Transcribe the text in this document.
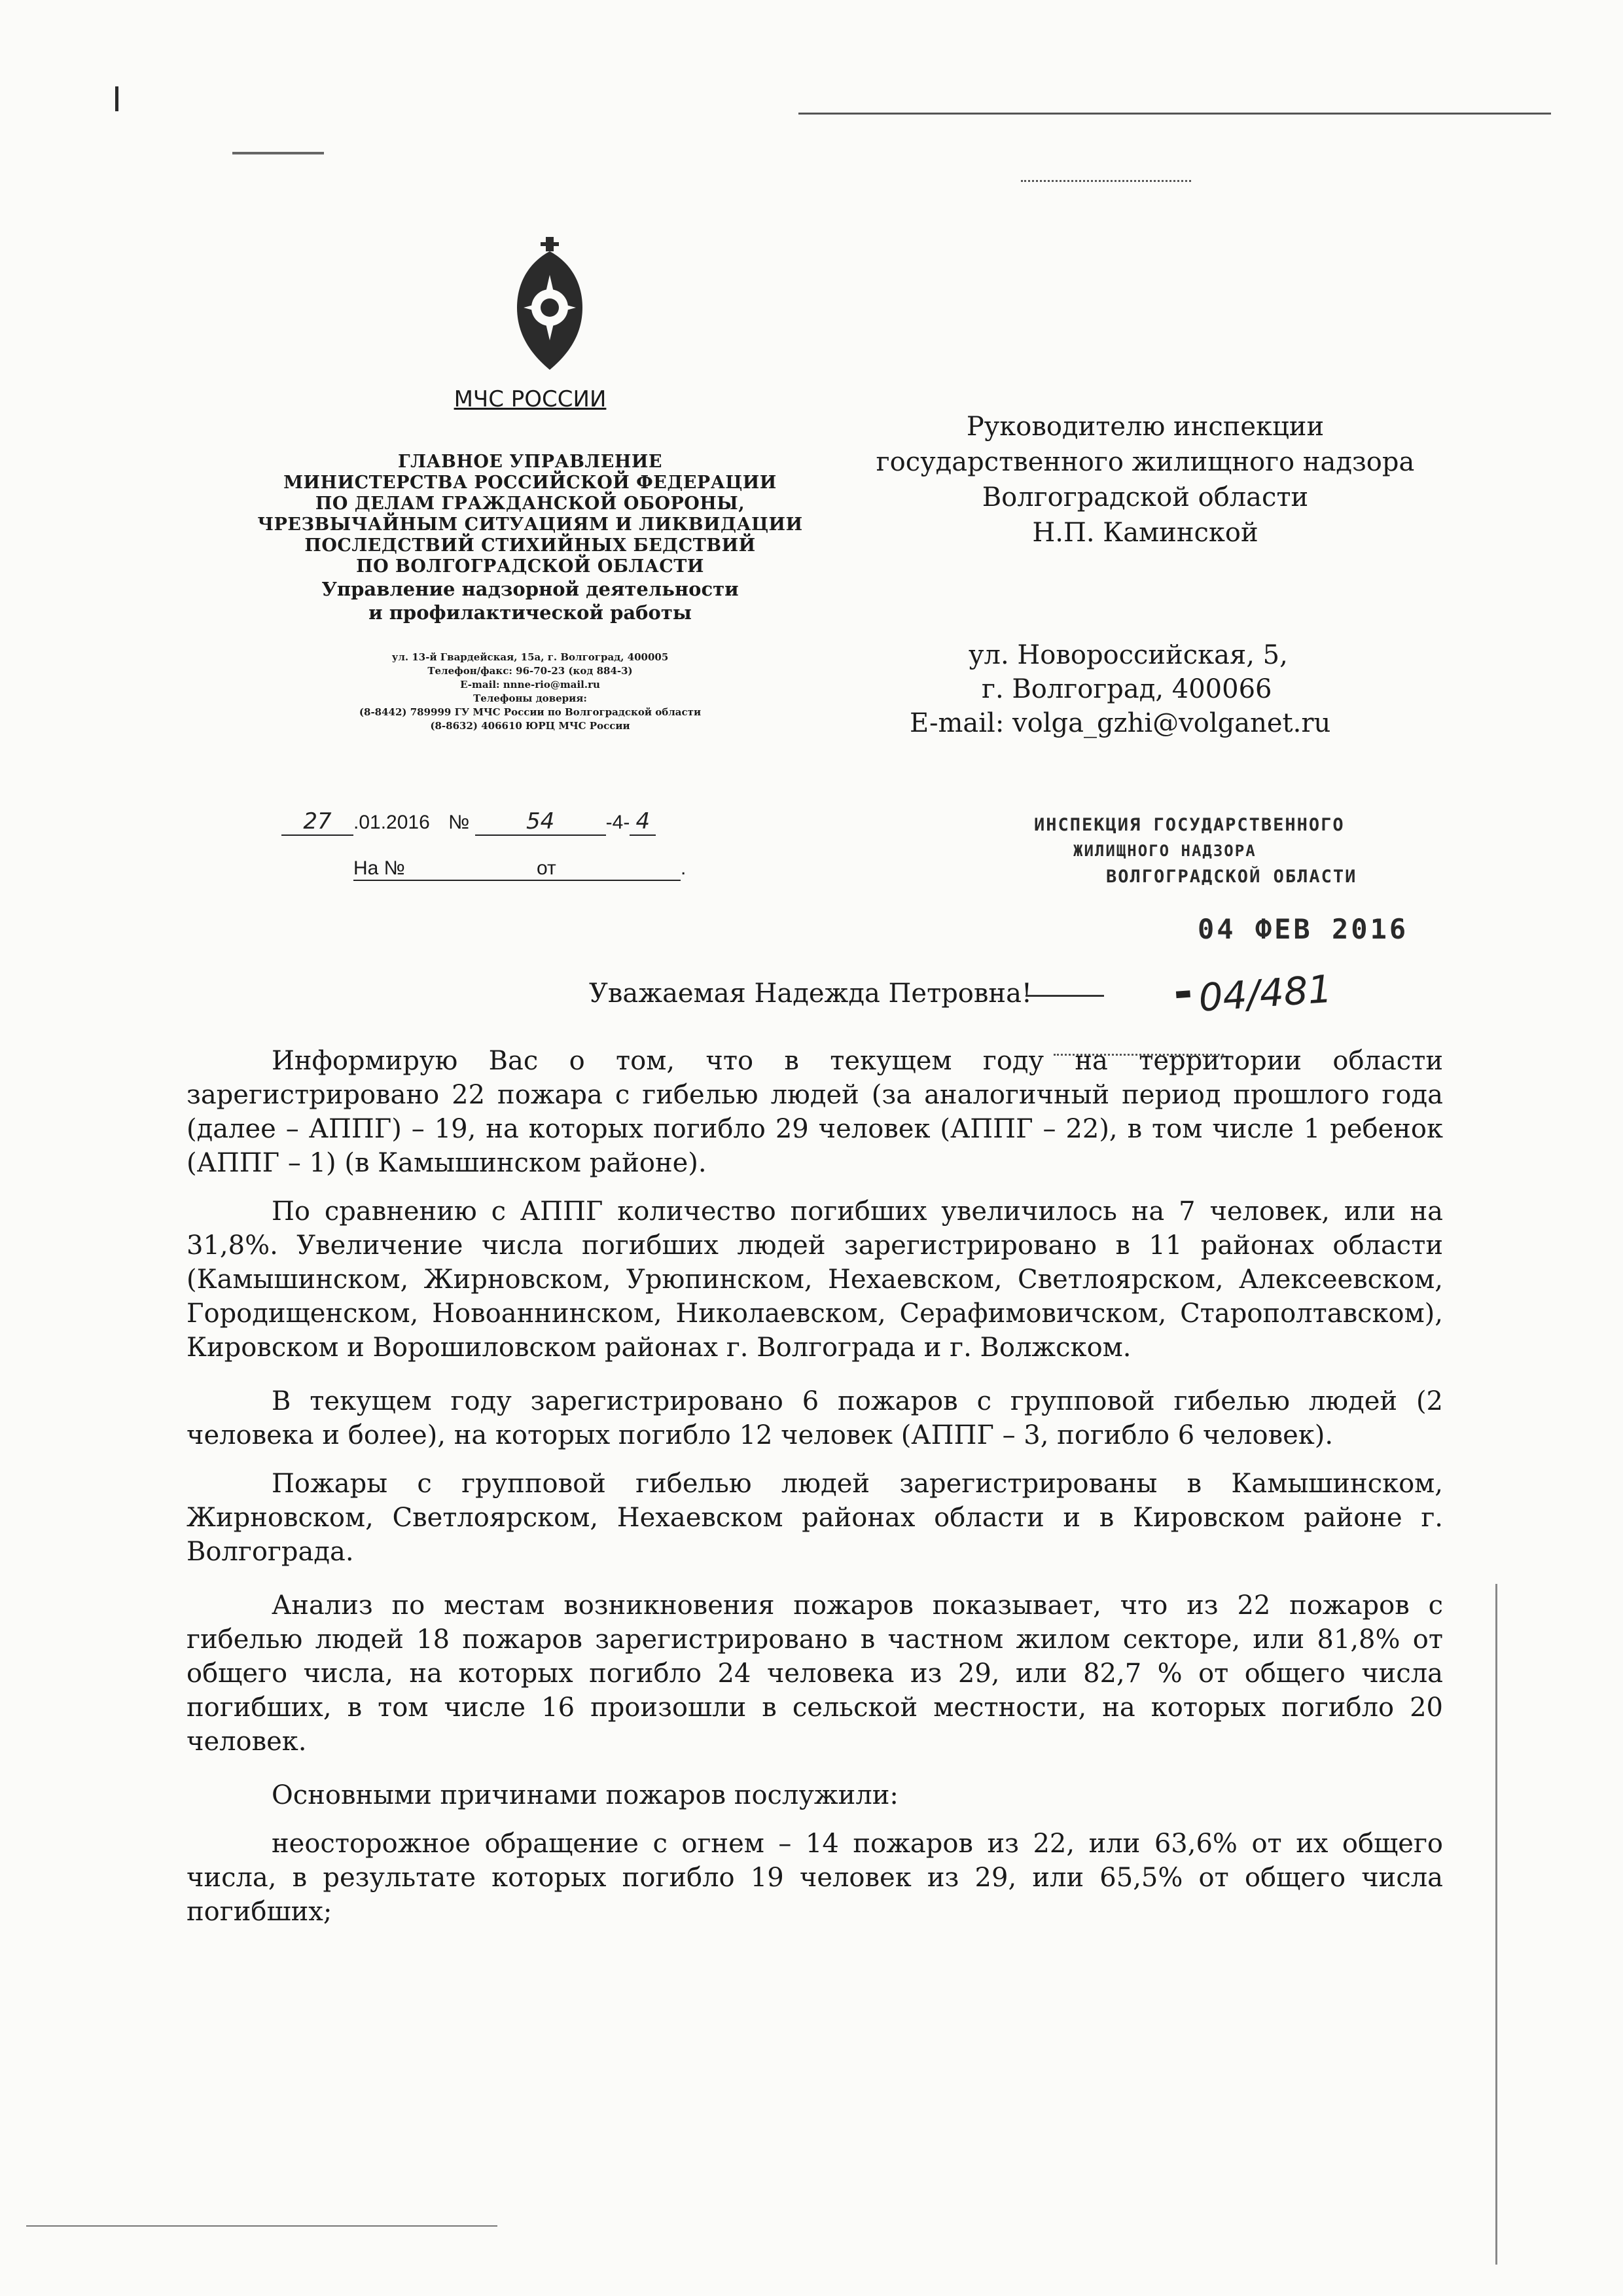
МЧС РОССИИ
ГЛАВНОЕ УПРАВЛЕНИЕ
МИНИСТЕРСТВА РОССИЙСКОЙ ФЕДЕРАЦИИ
ПО ДЕЛАМ ГРАЖДАНСКОЙ ОБОРОНЫ,
ЧРЕЗВЫЧАЙНЫМ СИТУАЦИЯМ И ЛИКВИДАЦИИ
ПОСЛЕДСТВИЙ СТИХИЙНЫХ БЕДСТВИЙ
ПО ВОЛГОГРАДСКОЙ ОБЛАСТИ
Управление надзорной деятельности
и профилактической работы
ул. 13-й Гвардейская, 15а, г. Волгоград, 400005
Телефон/факс: 96-70-23 (код 884-3)
E-mail: nnne-rio@mail.ru
Телефоны доверия:
(8-8442) 789999 ГУ МЧС России по Волгоградской области
(8-8632) 406610 ЮРЦ МЧС России
27 .01.2016 №	54	-4- 4
На №	от	.
Руководителю инспекции
государственного жилищного надзора
Волгоградской области
Н.П. Каминской
ул. Новороссийская, 5,
г. Волгоград, 400066
E-mail: volga_gzhi@volganet.ru
ИНСПЕКЦИЯ ГОСУДАРСТВЕННОГО
ЖИЛИЩНОГО НАДЗОРА
ВОЛГОГРАДСКОЙ ОБЛАСТИ
04 ФЕВ 2016
Уважаемая Надежда Петровна!	▬ 04/481

Информирую Вас о том, что в текущем году на территории области зарегистрировано 22 пожара с гибелью людей (за аналогичный период прошлого года (далее – АППГ) – 19, на которых погибло 29 человек (АППГ – 22), в том числе 1 ребенок (АППГ – 1) (в Камышинском районе).

По сравнению с АППГ количество погибших увеличилось на 7 человек, или на 31,8%. Увеличение числа погибших людей зарегистрировано в 11 районах области (Камышинском, Жирновском, Урюпинском, Нехаевском, Светлоярском, Алексеевском, Городищенском, Новоаннинском, Николаевском, Серафимовичском, Старополтавском), Кировском и Ворошиловском районах г. Волгограда и г. Волжском.

В текущем году зарегистрировано 6 пожаров с групповой гибелью людей (2 человека и более), на которых погибло 12 человек (АППГ – 3, погибло 6 человек).

Пожары с групповой гибелью людей зарегистрированы в Камышинском, Жирновском, Светлоярском, Нехаевском районах области и в Кировском районе г. Волгограда.

Анализ по местам возникновения пожаров показывает, что из 22 пожаров с гибелью людей 18 пожаров зарегистрировано в частном жилом секторе, или 81,8% от общего числа, на которых погибло 24 человека из 29, или 82,7 % от общего числа погибших, в том числе 16 произошли в сельской местности, на которых погибло 20 человек.

Основными причинами пожаров послужили:

неосторожное обращение с огнем – 14 пожаров из 22, или 63,6% от их общего числа, в результате которых погибло 19 человек из 29, или 65,5% от общего числа погибших;
